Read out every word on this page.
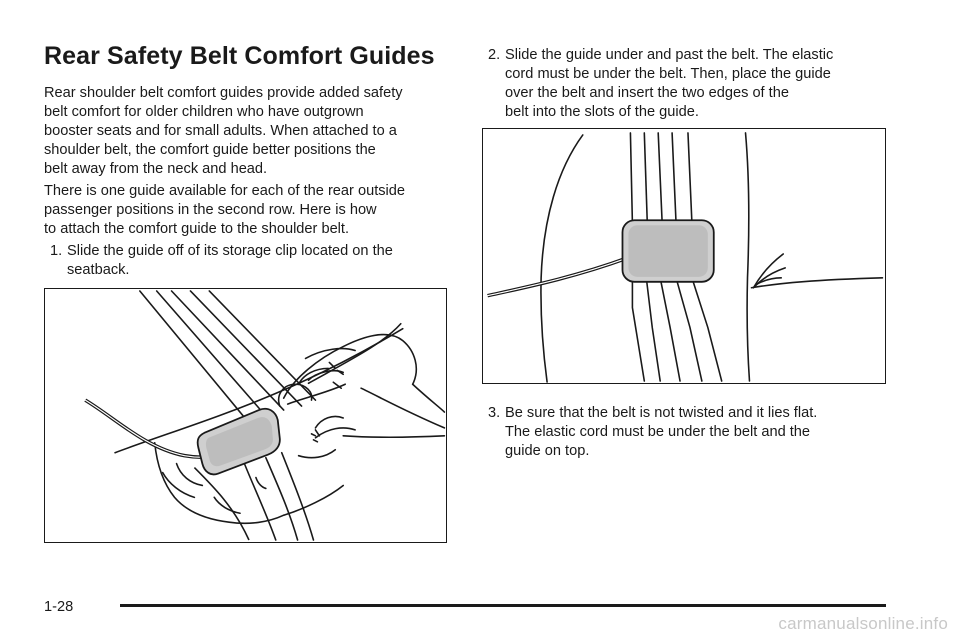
Rear Safety Belt Comfort Guides

Rear shoulder belt comfort guides provide added safety
belt comfort for older children who have outgrown
booster seats and for small adults. When attached to a
shoulder belt, the comfort guide better positions the
belt away from the neck and head.

There is one guide available for each of the rear outside
passenger positions in the second row. Here is how
to attach the comfort guide to the shoulder belt.

1. Slide the guide off of its storage clip located on the
seatback.
2. Slide the guide under and past the belt. The elastic
cord must be under the belt. Then, place the guide
over the belt and insert the two edges of the
belt into the slots of the guide.
3. Be sure that the belt is not twisted and it lies flat.
The elastic cord must be under the belt and the
guide on top.
1-28
carmanualsonline.info
